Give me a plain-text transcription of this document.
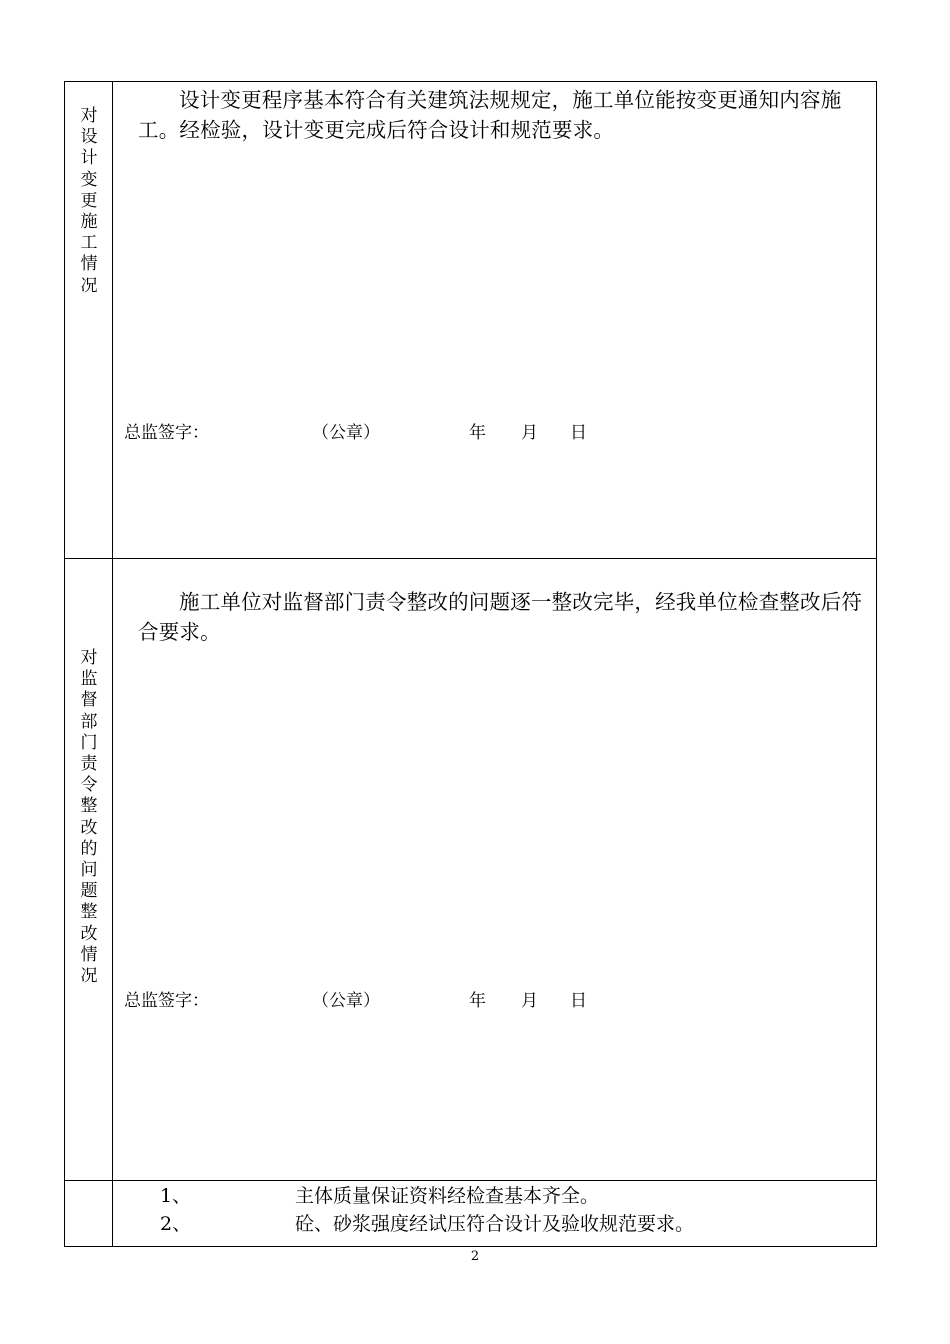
对设计变更施工情况
设计变更程序基本符合有关建筑法规规定，施工单位能按变更通知内容施工。经检验，设计变更完成后符合设计和规范要求。
总监签字：	（公章）	年 月 日
对监督部门责令整改的问题整改情况
施工单位对监督部门责令整改的问题逐一整改完毕，经我单位检查整改后符合要求。
总监签字：	（公章）	年 月 日
1、	主体质量保证资料经检查基本齐全。
2、	砼、砂浆强度经试压符合设计及验收规范要求。
2
